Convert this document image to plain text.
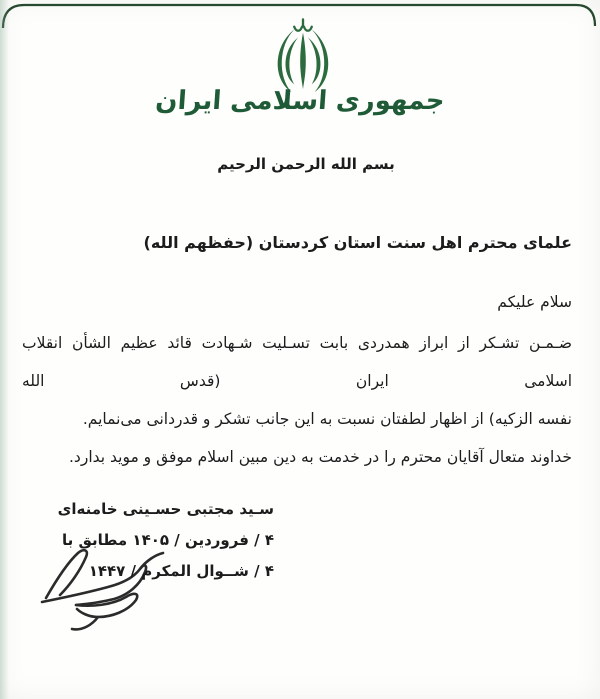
جمهوری اسلامی ایران
بسم الله الرحمن الرحیم
علمای محترم اهل سنت استان کردستان (حفظهم الله)
سلام علیکم

ضـمـن تشـکر از ابراز همدردی بابت تسـلیت شـهادت قائد عظیم الشأن انقلاب اسلامی ایران (قدس الله

نفسه الزکیه) از اظهار لطفتان نسبت به این جانب تشکر و قدردانی می‌نمایم.

خداوند متعال آقایان محترم را در خدمت به دین مبین اسلام موفق و موید بدارد.

سـید مجتبی حسـینی خامنه‌ای
۴ / فروردین / ۱۴۰۵ مطابق با
۴ / شــوال المکرم / ۱۴۴۷
